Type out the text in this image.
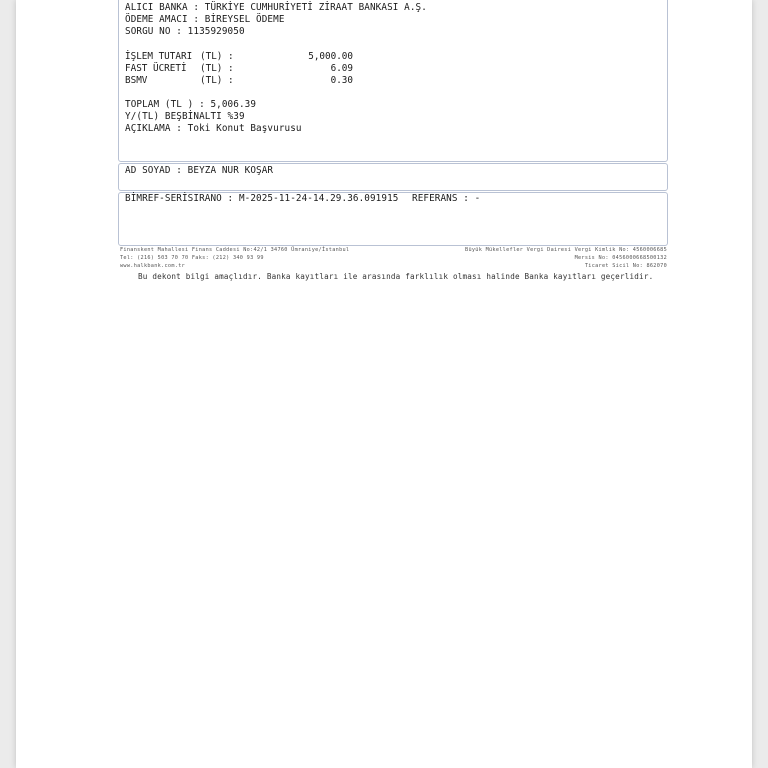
ALICI BANKA : TÜRKİYE CUMHURİYETİ ZİRAAT BANKASI A.Ş.
ÖDEME AMACI : BİREYSEL ÖDEME
SORGU NO : 1135929050
İŞLEM TUTARI (TL) :	5,000.00
FAST ÜCRETİ (TL) :	6.09
BSMV	(TL) :	0.30
TOPLAM (TL ) : 5,006.39
Y/(TL) BEŞBİNALTI %39
AÇIKLAMA : Toki Konut Başvurusu
AD SOYAD : BEYZA NUR KOŞAR
BİMREF-SERİSIRANO : M-2025-11-24-14.29.36.091915 REFERANS : -
Finanskent Mahallesi Finans Caddesi No:42/1 34760 Ümraniye/İstanbul
Tel: (216) 503 70 70 Faks: (212) 340 93 99
www.halkbank.com.tr
Büyük Mükellefler Vergi Dairesi Vergi Kimlik No: 4560006685
Mersis No: 0456000668500132
Ticaret Sicil No: 862070
Bu dekont bilgi amaçlıdır. Banka kayıtları ile arasında farklılık olması halinde Banka kayıtları geçerlidir.
